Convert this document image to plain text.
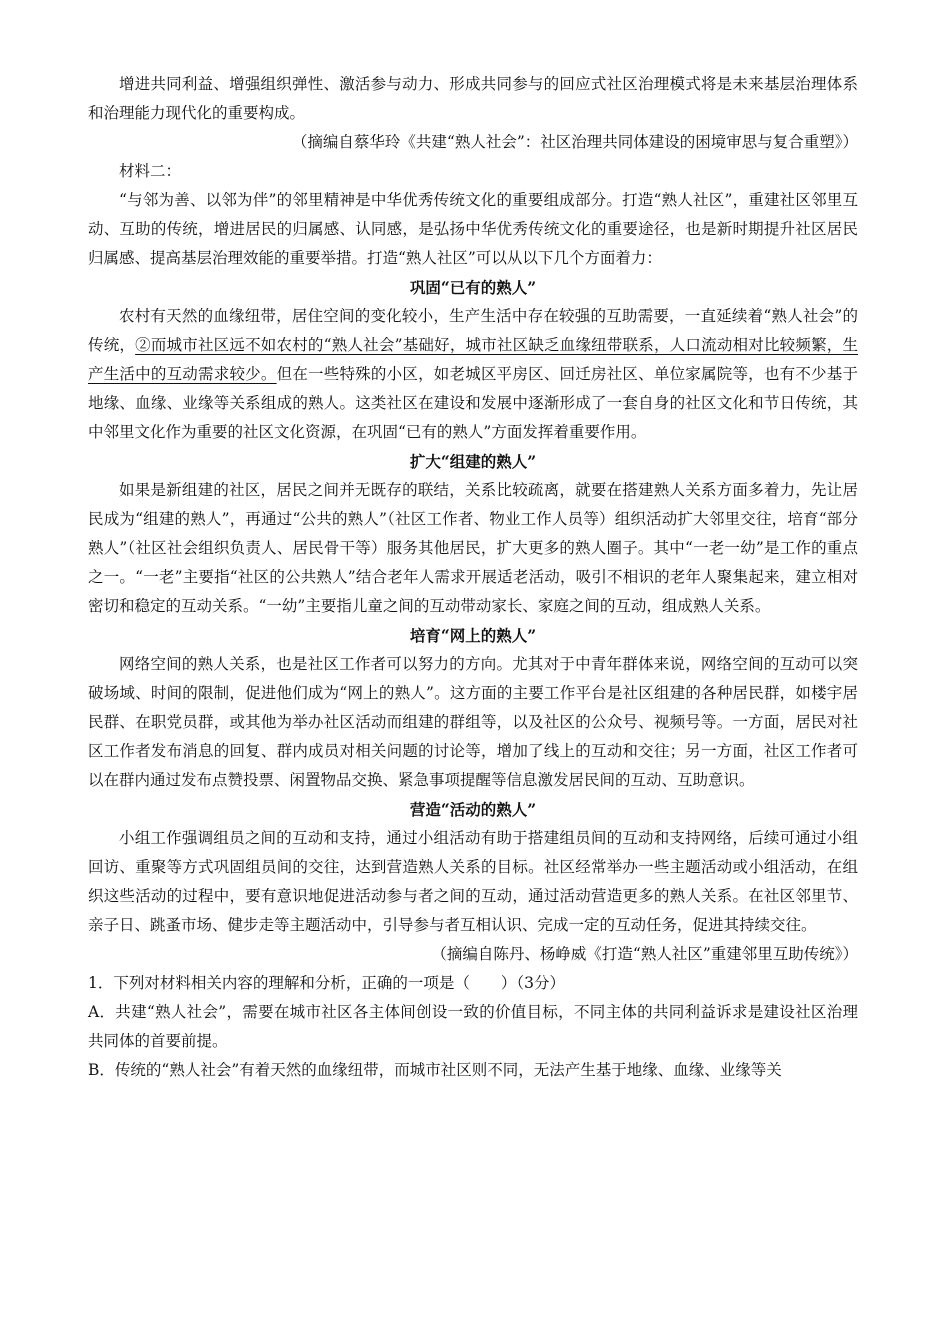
增进共同利益、增强组织弹性、激活参与动力、形成共同参与的回应式社区治理模式将是未来基层治理体系和治理能力现代化的重要构成。

（摘编自蔡华玲《共建“熟人社会”：社区治理共同体建设的困境审思与复合重塑》）

材料二：

“与邻为善、以邻为伴”的邻里精神是中华优秀传统文化的重要组成部分。打造“熟人社区”，重建社区邻里互动、互助的传统，增进居民的归属感、认同感，是弘扬中华优秀传统文化的重要途径，也是新时期提升社区居民归属感、提高基层治理效能的重要举措。打造“熟人社区”可以从以下几个方面着力：

巩固“已有的熟人”

农村有天然的血缘纽带，居住空间的变化较小，生产生活中存在较强的互助需要，一直延续着“熟人社会”的传统，②而城市社区远不如农村的“熟人社会”基础好，城市社区缺乏血缘纽带联系，人口流动相对比较频繁，生产生活中的互动需求较少。但在一些特殊的小区，如老城区平房区、回迁房社区、单位家属院等，也有不少基于地缘、血缘、业缘等关系组成的熟人。这类社区在建设和发展中逐渐形成了一套自身的社区文化和节日传统，其中邻里文化作为重要的社区文化资源，在巩固“已有的熟人”方面发挥着重要作用。

扩大“组建的熟人”

如果是新组建的社区，居民之间并无既存的联结，关系比较疏离，就要在搭建熟人关系方面多着力，先让居民成为“组建的熟人”，再通过“公共的熟人”（社区工作者、物业工作人员等）组织活动扩大邻里交往，培育“部分熟人”（社区社会组织负责人、居民骨干等）服务其他居民，扩大更多的熟人圈子。其中“一老一幼”是工作的重点之一。“一老”主要指“社区的公共熟人”结合老年人需求开展适老活动，吸引不相识的老年人聚集起来，建立相对密切和稳定的互动关系。“一幼”主要指儿童之间的互动带动家长、家庭之间的互动，组成熟人关系。

培育“网上的熟人”

网络空间的熟人关系，也是社区工作者可以努力的方向。尤其对于中青年群体来说，网络空间的互动可以突破场域、时间的限制，促进他们成为“网上的熟人”。这方面的主要工作平台是社区组建的各种居民群，如楼宇居民群、在职党员群，或其他为举办社区活动而组建的群组等，以及社区的公众号、视频号等。一方面，居民对社区工作者发布消息的回复、群内成员对相关问题的讨论等，增加了线上的互动和交往；另一方面，社区工作者可以在群内通过发布点赞投票、闲置物品交换、紧急事项提醒等信息激发居民间的互动、互助意识。

营造“活动的熟人”

小组工作强调组员之间的互动和支持，通过小组活动有助于搭建组员间的互动和支持网络，后续可通过小组回访、重聚等方式巩固组员间的交往，达到营造熟人关系的目标。社区经常举办一些主题活动或小组活动，在组织这些活动的过程中，要有意识地促进活动参与者之间的互动，通过活动营造更多的熟人关系。在社区邻里节、亲子日、跳蚤市场、健步走等主题活动中，引导参与者互相认识、完成一定的互动任务，促进其持续交往。

（摘编自陈丹、杨峥威《打造“熟人社区”重建邻里互助传统》）

1．下列对材料相关内容的理解和分析，正确的一项是（　　）（3分）

A．共建“熟人社会”，需要在城市社区各主体间创设一致的价值目标，不同主体的共同利益诉求是建设社区治理共同体的首要前提。

B．传统的“熟人社会”有着天然的血缘纽带，而城市社区则不同，无法产生基于地缘、血缘、业缘等关
